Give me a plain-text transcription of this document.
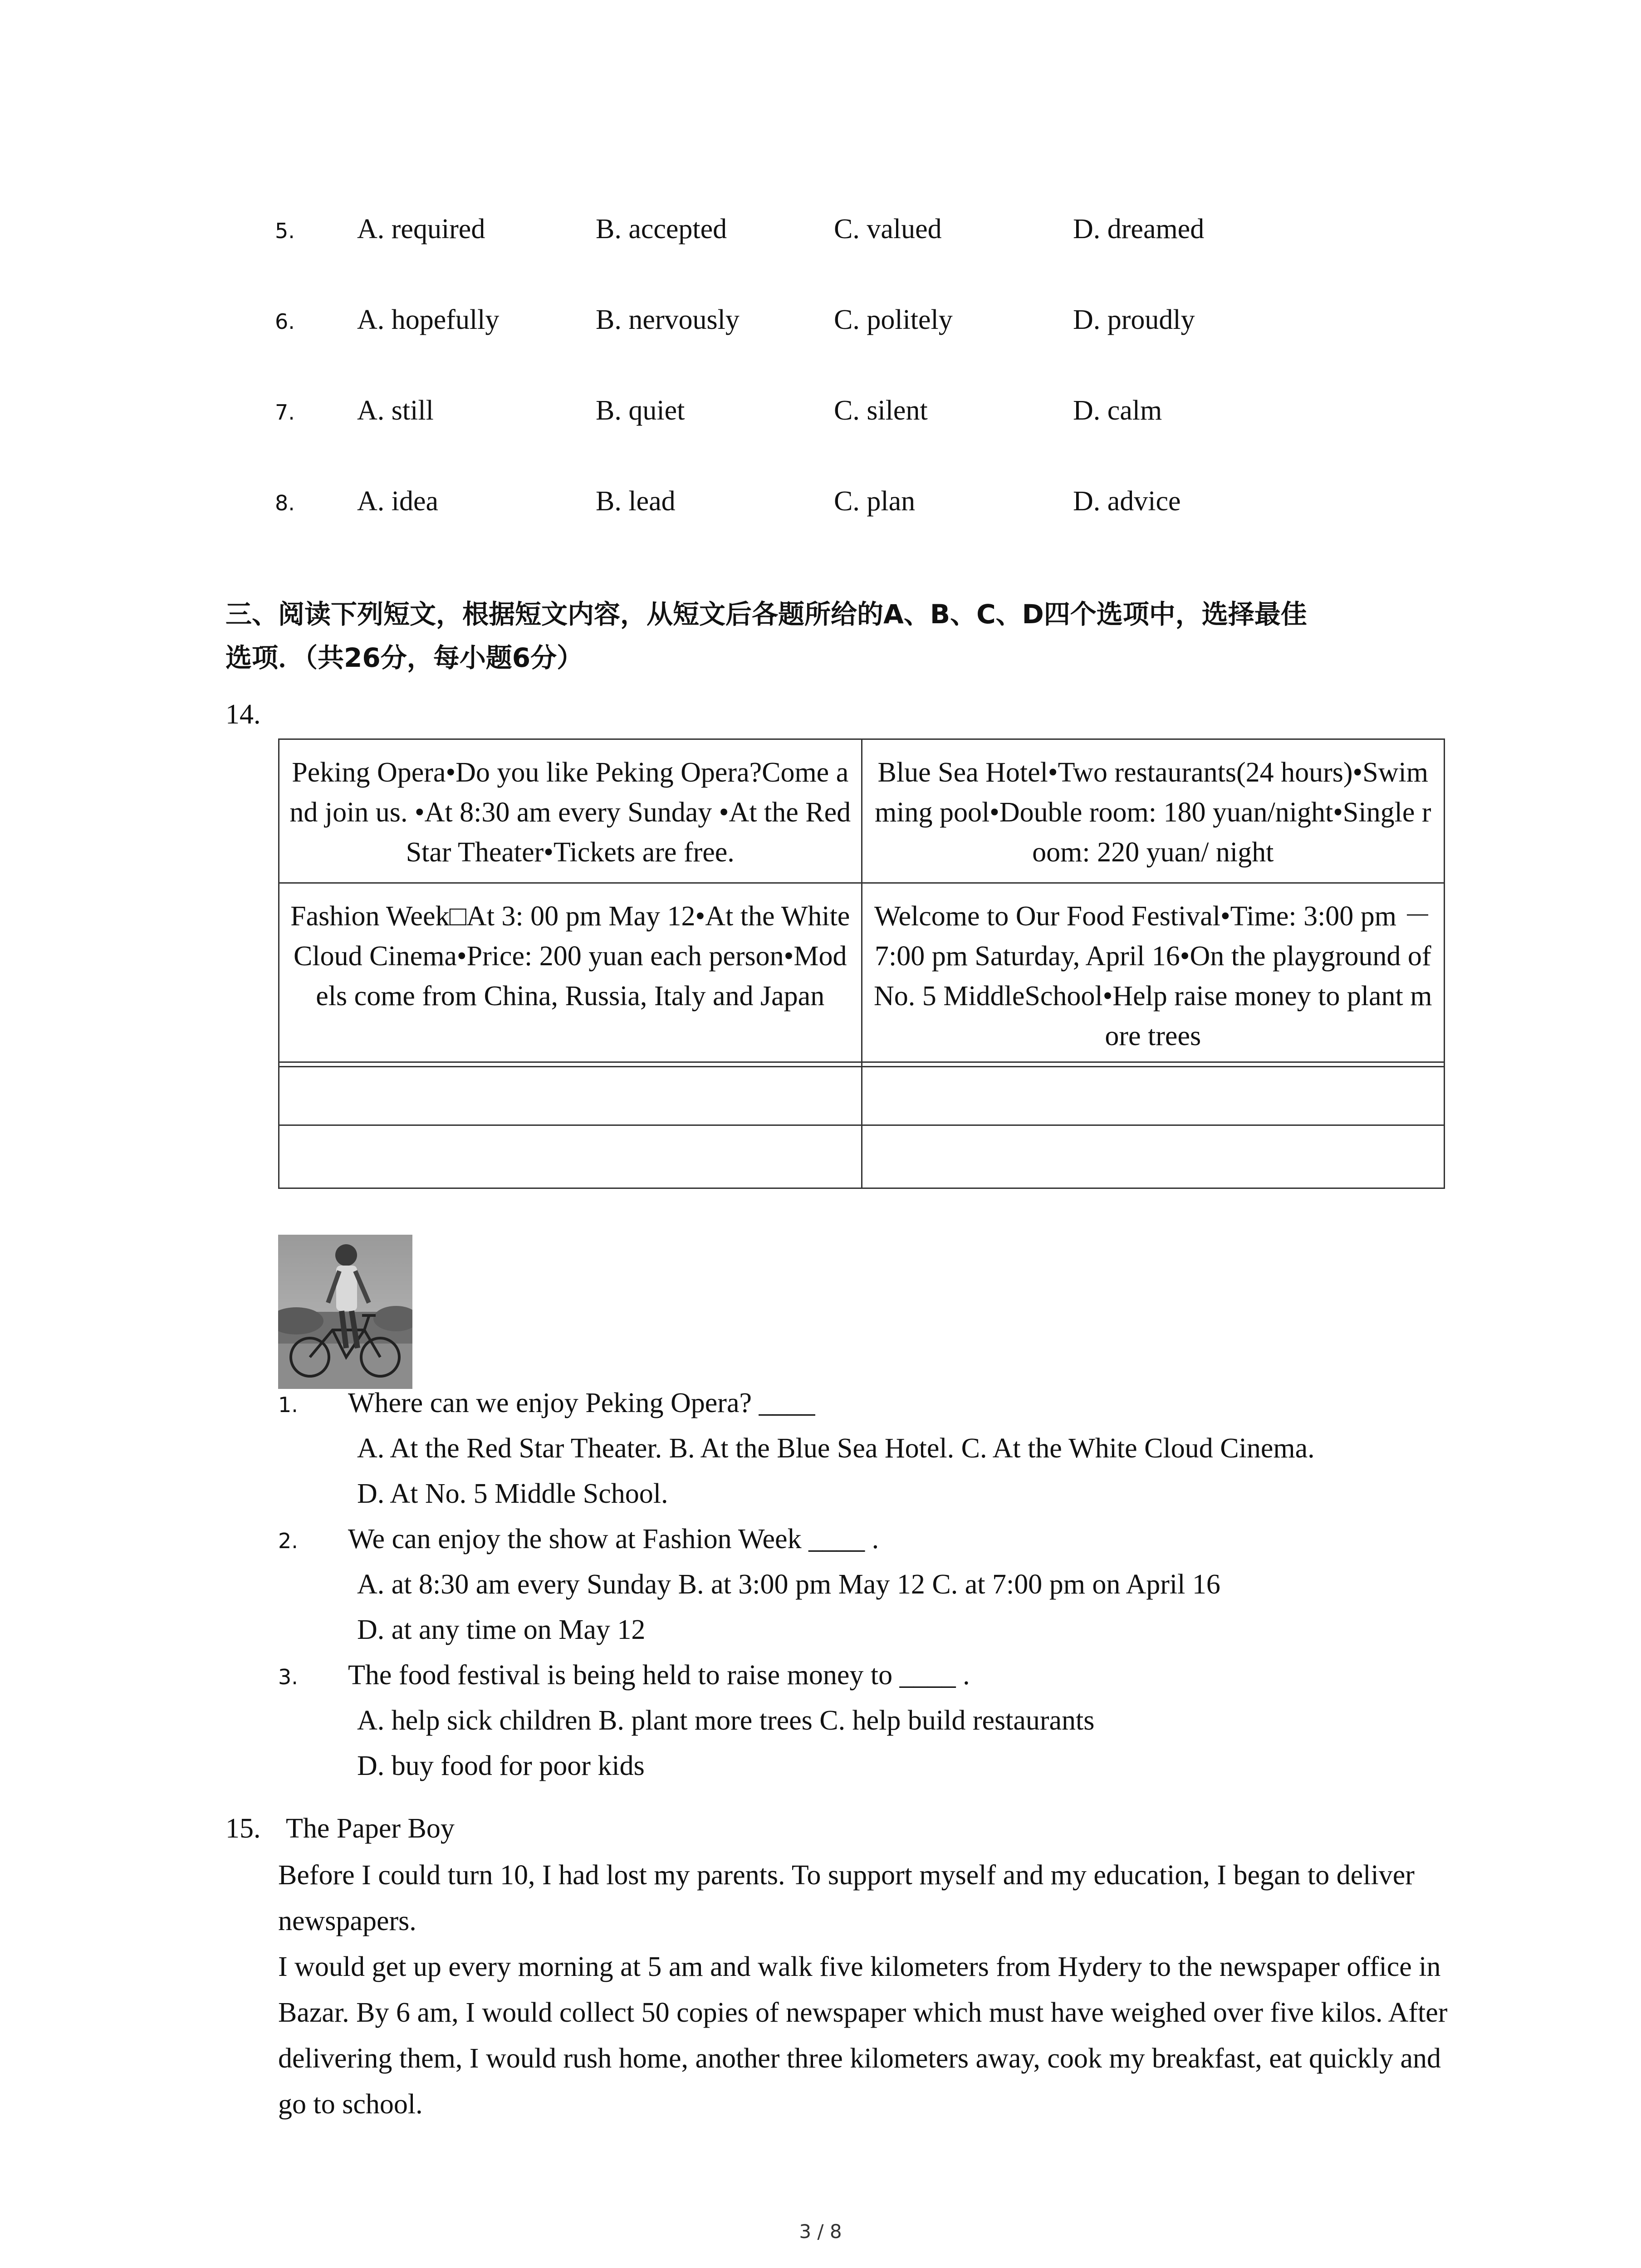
5. A. required	B. accepted	C. valued	D. dreamed
6. A. hopefully	B. nervously	C. politely	D. proudly
7. A. still	B. quiet	C. silent	D. calm
8. A. idea	B. lead	C. plan	D. advice
三、阅读下列短文，根据短文内容，从短文后各题所给的A、B、C、D四个选项中，选择最佳
选项．（共26分，每小题6分）
14.
Peking Opera•Do you like Peking Opera?Come and join us. •At 8:30 am every Sunday •At the Red Star Theater•Tickets are free.	Blue Sea Hotel•Two restaurants(24 hours)•Swimming pool•Double room: 180 yuan/night•Single room: 220 yuan/ night
Fashion Week□At 3: 00 pm May 12•At the White Cloud Cinema•Price: 200 yuan each person•Models come from China, Russia, Italy and Japan	Welcome to Our Food Festival•Time: 3:00 pm －7:00 pm Saturday, April 16•On the playground of No. 5 MiddleSchool•Help raise money to plant more trees

1. Where can we enjoy Peking Opera? ____
A. At the Red Star Theater. B. At the Blue Sea Hotel. C. At the White Cloud Cinema.
D. At No. 5 Middle School.
2. We can enjoy the show at Fashion Week ____ .
A. at 8:30 am every Sunday B. at 3:00 pm May 12 C. at 7:00 pm on April 16
D. at any time on May 12
3. The food festival is being held to raise money to ____ .
A. help sick children B. plant more trees C. help build restaurants
D. buy food for poor kids
15. The Paper Boy
Before I could turn 10, I had lost my parents. To support myself and my education, I began to deliver newspapers.
I would get up every morning at 5 am and walk five kilometers from Hydery to the newspaper office in Bazar. By 6 am, I would collect 50 copies of newspaper which must have weighed over five kilos. After delivering them, I would rush home, another three kilometers away, cook my breakfast, eat quickly and go to school.
3 / 8
